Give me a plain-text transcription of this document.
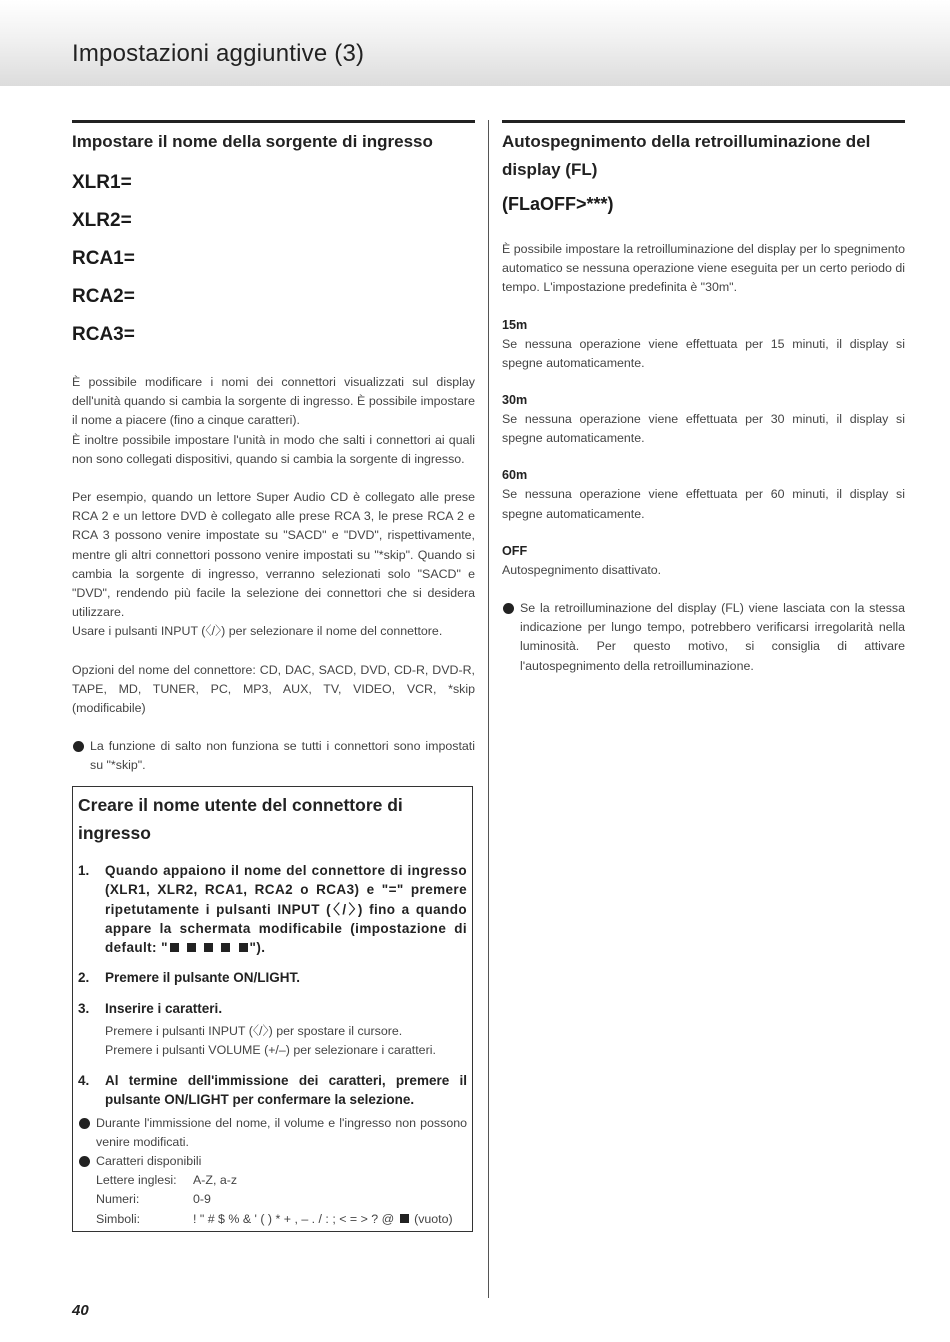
Impostazioni aggiuntive (3)
Impostare il nome della sorgente di ingresso
XLR1=
XLR2=
RCA1=
RCA2=
RCA3=

È possibile modificare i nomi dei connettori visualizzati sul display dell'unità quando si cambia la sorgente di ingresso. È possibile impostare il nome a piacere (fino a cinque caratteri).

È inoltre possibile impostare l'unità in modo che salti i connettori ai quali non sono collegati dispositivi, quando si cambia la sorgente di ingresso.

Per esempio, quando un lettore Super Audio CD è collegato alle prese RCA 2 e un lettore DVD è collegato alle prese RCA 3, le prese RCA 2 e RCA 3 possono venire impostate su "SACD" e "DVD", rispettivamente, mentre gli altri connettori possono venire impostati su "*skip". Quando si cambia la sorgente di ingresso, verranno selezionati solo "SACD" e "DVD", rendendo più facile la selezione dei connettori che si desidera utilizzare.

Usare i pulsanti INPUT (〈/〉) per selezionare il nome del connettore.

Opzioni del nome del connettore: CD, DAC, SACD, DVD, CD-R, DVD-R, TAPE, MD, TUNER, PC, MP3, AUX, TV, VIDEO, VCR, *skip (modificabile)

La funzione di salto non funziona se tutti i connettori sono impostati su "*skip".
Autospegnimento della retroilluminazione del display (FL)
(FLaOFF>***)

È possibile impostare la retroilluminazione del display per lo spegnimento automatico se nessuna operazione viene eseguita per un certo periodo di tempo. L'impostazione predefinita è "30m".

15m

Se nessuna operazione viene effettuata per 15 minuti, il display si spegne automaticamente.

30m

Se nessuna operazione viene effettuata per 30 minuti, il display si spegne automaticamente.

60m

Se nessuna operazione viene effettuata per 60 minuti, il display si spegne automaticamente.

OFF

Autospegnimento disattivato.

Se la retroilluminazione del display (FL) viene lasciata con la stessa indicazione per lungo tempo, potrebbero verificarsi irregolarità nella luminosità. Per questo motivo, si consiglia di attivare l'autospegnimento della retroilluminazione.
Creare il nome utente del connettore di ingresso
1. Quando appaiono il nome del connettore di ingresso (XLR1, XLR2, RCA1, RCA2 o RCA3) e "=" premere ripetutamente i pulsanti INPUT (〈/〉) fino a quando appare la schermata modificabile (impostazione di default: "	").
2. Premere il pulsante ON/LIGHT.
3. Inserire i caratteri.
Premere i pulsanti INPUT (〈/〉) per spostare il cursore.
Premere i pulsanti VOLUME (+/–) per selezionare i caratteri.
4. Al termine dell'immissione dei caratteri, premere il pulsante ON/LIGHT per confermare la selezione.
Durante l'immissione del nome, il volume e l'ingresso non possono venire modificati.
Caratteri disponibili
Lettere inglesi:	A-Z, a-z
Numeri:	0-9
Simboli:	! " # $ % & ' ( ) * + , – . / : ; < = > ? @ (vuoto)
40
